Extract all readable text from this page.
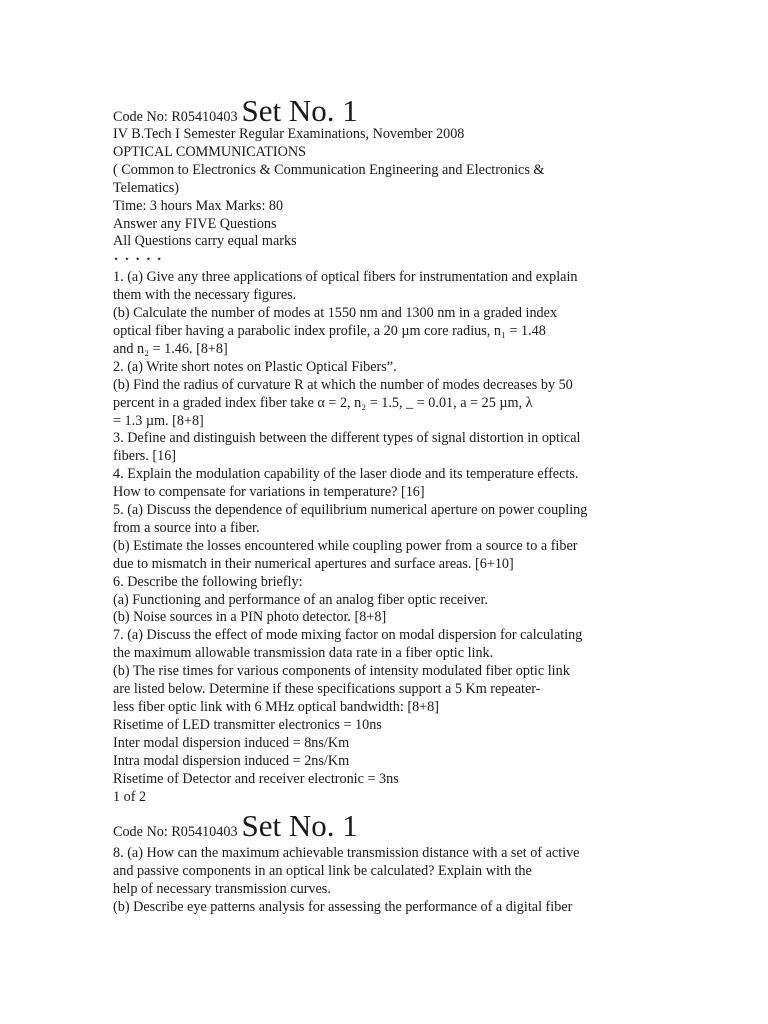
Code No: R05410403 Set No. 1
IV B.Tech I Semester Regular Examinations, November 2008
OPTICAL COMMUNICATIONS
( Common to Electronics & Communication Engineering and Electronics &
Telematics)
Time: 3 hours Max Marks: 80
Answer any FIVE Questions
All Questions carry equal marks
⋆ ⋆ ⋆ ⋆ ⋆
1. (a) Give any three applications of optical fibers for instrumentation and explain
them with the necessary figures.
(b) Calculate the number of modes at 1550 nm and 1300 nm in a graded index
optical fiber having a parabolic index profile, a 20 µm core radius, n₁ = 1.48
and n₂ = 1.46. [8+8]
2. (a) Write short notes on Plastic Optical Fibers”.
(b) Find the radius of curvature R at which the number of modes decreases by 50
percent in a graded index fiber take α = 2, n₂ = 1.5, _ = 0.01, a = 25 µm, λ
= 1.3 µm. [8+8]
3. Define and distinguish between the different types of signal distortion in optical
fibers. [16]
4. Explain the modulation capability of the laser diode and its temperature effects.
How to compensate for variations in temperature? [16]
5. (a) Discuss the dependence of equilibrium numerical aperture on power coupling
from a source into a fiber.
(b) Estimate the losses encountered while coupling power from a source to a fiber
due to mismatch in their numerical apertures and surface areas. [6+10]
6. Describe the following briefly:
(a) Functioning and performance of an analog fiber optic receiver.
(b) Noise sources in a PIN photo detector. [8+8]
7. (a) Discuss the effect of mode mixing factor on modal dispersion for calculating
the maximum allowable transmission data rate in a fiber optic link.
(b) The rise times for various components of intensity modulated fiber optic link
are listed below. Determine if these specifications support a 5 Km repeater-
less fiber optic link with 6 MHz optical bandwidth: [8+8]
Risetime of LED transmitter electronics = 10ns
Inter modal dispersion induced = 8ns/Km
Intra modal dispersion induced = 2ns/Km
Risetime of Detector and receiver electronic = 3ns
1 of 2
Code No: R05410403 Set No. 1
8. (a) How can the maximum achievable transmission distance with a set of active
and passive components in an optical link be calculated? Explain with the
help of necessary transmission curves.
(b) Describe eye patterns analysis for assessing the performance of a digital fiber
